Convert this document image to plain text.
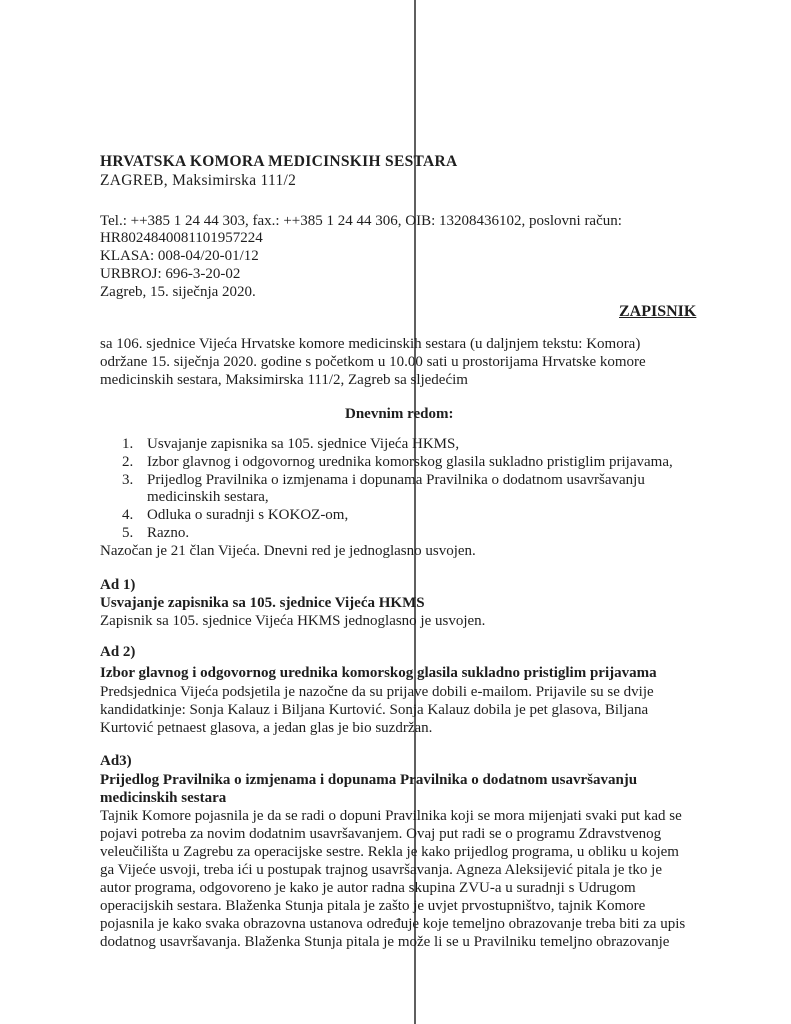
HRVATSKA KOMORA MEDICINSKIH SESTARA
ZAGREB, Maksimirska 111/2
Tel.: ++385 1 24 44 303, fax.: ++385 1 24 44 306, OIB: 13208436102, poslovni račun:
HR8024840081101957224
KLASA: 008-04/20-01/12
URBROJ: 696-3-20-02
Zagreb, 15. siječnja 2020.
ZAPISNIK
sa 106. sjednice Vijeća Hrvatske komore medicinskih sestara (u daljnjem tekstu: Komora)
održane 15. siječnja 2020. godine s početkom u 10.00 sati u prostorijama Hrvatske komore
medicinskih sestara, Maksimirska 111/2, Zagreb sa sljedećim
Dnevnim redom:
1. Usvajanje zapisnika sa 105. sjednice Vijeća HKMS,
2. Izbor glavnog i odgovornog urednika komorskog glasila sukladno pristiglim prijavama,
3. Prijedlog Pravilnika o izmjenama i dopunama Pravilnika o dodatnom usavršavanju
medicinskih sestara,
4. Odluka o suradnji s KOKOZ-om,
5. Razno.
Nazočan je 21 član Vijeća. Dnevni red je jednoglasno usvojen.
Ad 1)
Usvajanje zapisnika sa 105. sjednice Vijeća HKMS
Zapisnik sa 105. sjednice Vijeća HKMS jednoglasno je usvojen.
Ad 2)
Izbor glavnog i odgovornog urednika komorskog glasila sukladno pristiglim prijavama
Predsjednica Vijeća podsjetila je nazočne da su prijave dobili e-mailom. Prijavile su se dvije
kandidatkinje: Sonja Kalauz i Biljana Kurtović. Sonja Kalauz dobila je pet glasova, Biljana
Kurtović petnaest glasova, a jedan glas je bio suzdržan.
Ad3)
Prijedlog Pravilnika o izmjenama i dopunama Pravilnika o dodatnom usavršavanju
medicinskih sestara
Tajnik Komore pojasnila je da se radi o dopuni Pravilnika koji se mora mijenjati svaki put kad se
pojavi potreba za novim dodatnim usavršavanjem. Ovaj put radi se o programu Zdravstvenog
veleučilišta u Zagrebu za operacijske sestre. Rekla je kako prijedlog programa, u obliku u kojem
ga Vijeće usvoji, treba ići u postupak trajnog usavršavanja. Agneza Aleksijević pitala je tko je
autor programa, odgovoreno je kako je autor radna skupina ZVU-a u suradnji s Udrugom
operacijskih sestara. Blaženka Stunja pitala je zašto je uvjet prvostupništvo, tajnik Komore
pojasnila je kako svaka obrazovna ustanova određuje koje temeljno obrazovanje treba biti za upis
dodatnog usavršavanja. Blaženka Stunja pitala je može li se u Pravilniku temeljno obrazovanje
